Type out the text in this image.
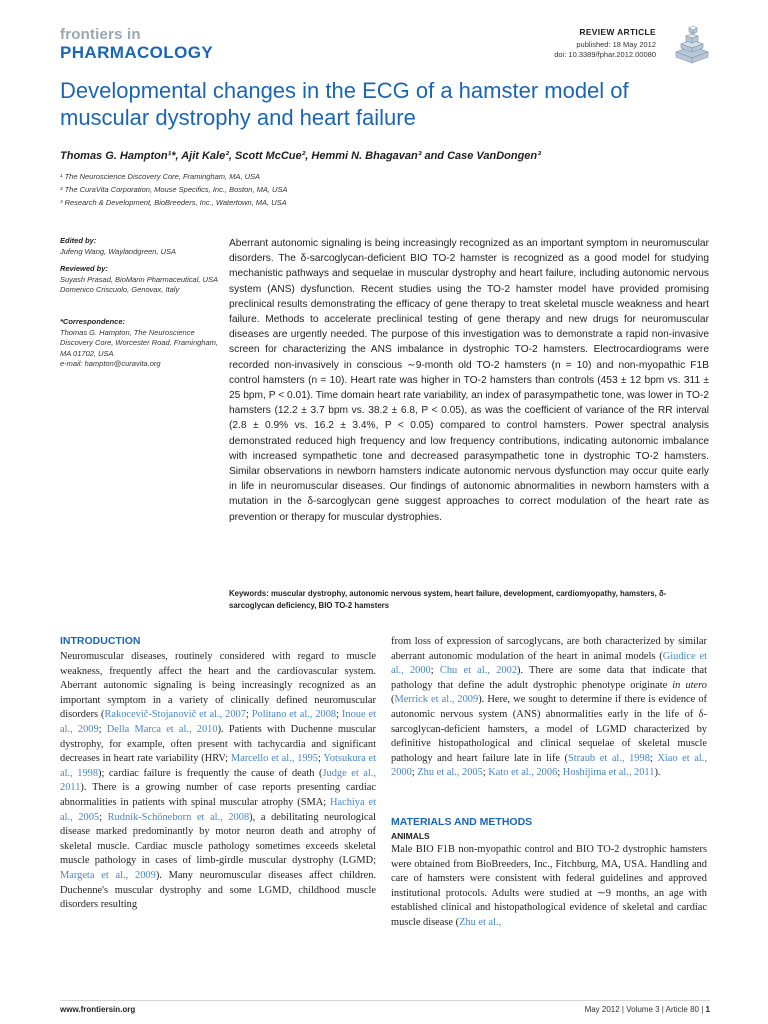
frontiers in
PHARMACOLOGY
REVIEW ARTICLE
published: 18 May 2012
doi: 10.3389/fphar.2012.00080
Developmental changes in the ECG of a hamster model of muscular dystrophy and heart failure
Thomas G. Hampton¹*, Ajit Kale², Scott McCue², Hemmi N. Bhagavan³ and Case VanDongen³
¹ The Neuroscience Discovery Core, Framingham, MA, USA
² The CuraVita Corporation, Mouse Specifics, Inc., Boston, MA, USA
³ Research & Development, BioBreeders, Inc., Watertown, MA, USA
Edited by:
Jufeng Wang, Waylandgreen, USA
Reviewed by:
Suyash Prasad, BioMarin Pharmaceutical, USA
Domenico Criscuolo, Genovax, Italy
*Correspondence:
Thomas G. Hampton, The Neuroscience Discovery Core, Worcester Road, Framingham, MA 01702, USA.
e-mail: hampton@curavita.org

Aberrant autonomic signaling is being increasingly recognized as an important symptom in neuromuscular disorders. The δ-sarcoglycan-deficient BIO TO-2 hamster is recognized as a good model for studying mechanistic pathways and sequelae in muscular dystrophy and heart failure, including autonomic nervous system (ANS) dysfunction. Recent studies using the TO-2 hamster model have provided promising preclinical results demonstrating the efficacy of gene therapy to treat skeletal muscle weakness and heart failure. Methods to accelerate preclinical testing of gene therapy and new drugs for neuromuscular diseases are urgently needed. The purpose of this investigation was to demonstrate a rapid non-invasive screen for characterizing the ANS imbalance in dystrophic TO-2 hamsters. Electrocardiograms were recorded non-invasively in conscious ∼9-month old TO-2 hamsters (n = 10) and non-myopathic F1B control hamsters (n = 10). Heart rate was higher in TO-2 hamsters than controls (453 ± 12 bpm vs. 311 ± 25 bpm, P < 0.01). Time domain heart rate variability, an index of parasympathetic tone, was lower in TO-2 hamsters (12.2 ± 3.7 bpm vs. 38.2 ± 6.8, P < 0.05), as was the coefficient of variance of the RR interval (2.8 ± 0.9% vs. 16.2 ± 3.4%, P < 0.05) compared to control hamsters. Power spectral analysis demonstrated reduced high frequency and low frequency contributions, indicating autonomic imbalance with increased sympathetic tone and decreased parasympathetic tone in dystrophic TO-2 hamsters. Similar observations in newborn hamsters indicate autonomic nervous dysfunction may occur quite early in life in neuromuscular diseases. Our findings of autonomic abnormalities in newborn hamsters with a mutation in the δ-sarcoglycan gene suggest approaches to correct modulation of the heart rate as prevention or therapy for muscular dystrophies.

Keywords: muscular dystrophy, autonomic nervous system, heart failure, development, cardiomyopathy, hamsters, δ-sarcoglycan deficiency, BIO TO-2 hamsters
INTRODUCTION

Neuromuscular diseases, routinely considered with regard to muscle weakness, frequently affect the heart and the cardiovascular system. Aberrant autonomic signaling is being increasingly recognized as an important symptom in a variety of clinically defined neuromuscular disorders (Rakocevič-Stojanovič et al., 2007; Politano et al., 2008; Inoue et al., 2009; Della Marca et al., 2010). Patients with Duchenne muscular dystrophy, for example, often present with tachycardia and significant decreases in heart rate variability (HRV; Marcello et al., 1995; Yotsukura et al., 1998); cardiac failure is frequently the cause of death (Judge et al., 2011). There is a growing number of case reports presenting cardiac abnormalities in patients with spinal muscular atrophy (SMA; Hachiya et al., 2005; Rudnik-Schöneborn et al., 2008), a debilitating neurological disease marked predominantly by motor neuron death and atrophy of skeletal muscle. Cardiac muscle pathology sometimes exceeds skeletal muscle pathology in cases of limb-girdle muscular dystrophy (LGMD; Margeta et al., 2009). Many neuromuscular diseases affect children. Duchenne's muscular dystrophy and some LGMD, childhood muscle disorders resulting

from loss of expression of sarcoglycans, are both characterized by similar aberrant autonomic modulation of the heart in animal models (Giudice et al., 2000; Chu et al., 2002). There are some data that indicate that pathology that define the adult dystrophic phenotype originate in utero (Merrick et al., 2009). Here, we sought to determine if there is evidence of autonomic nervous system (ANS) abnormalities early in the life of δ-sarcoglycan-deficient hamsters, a model of LGMD characterized by definitive histopathological and clinical sequelae of skeletal muscle pathology and heart failure late in life (Straub et al., 1998; Xiao et al., 2000; Zhu et al., 2005; Kato et al., 2006; Hoshijima et al., 2011).

MATERIALS AND METHODS
ANIMALS

Male BIO F1B non-myopathic control and BIO TO-2 dystrophic hamsters were obtained from BioBreeders, Inc., Fitchburg, MA, USA. Handling and care of hamsters were consistent with federal guidelines and approved institutional protocols. Adults were studied at ∼9 months, an age with established clinical and histopathological evidence of skeletal and cardiac muscle disease (Zhu et al.,

www.frontiersin.org	May 2012 | Volume 3 | Article 80 | 1
